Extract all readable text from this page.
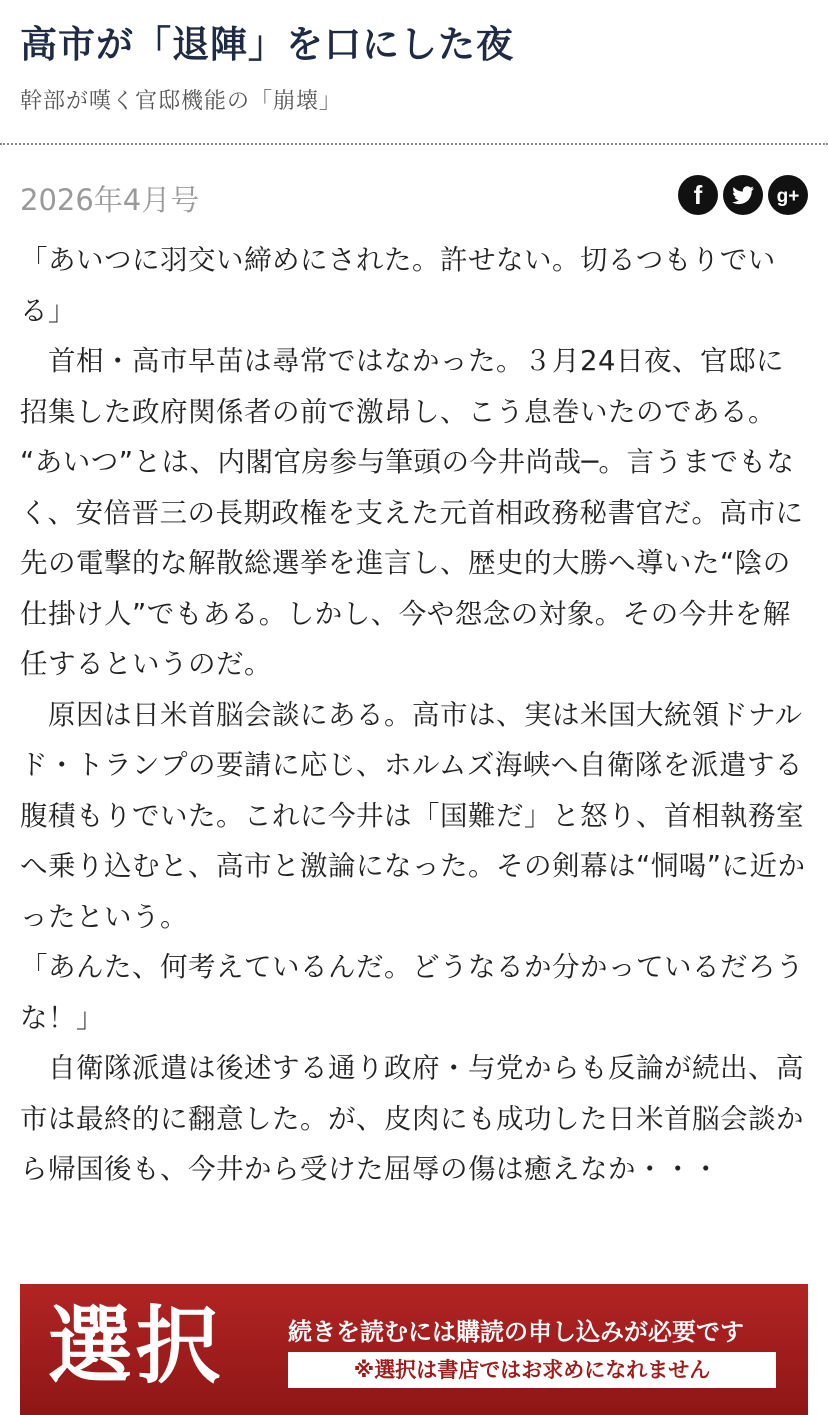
高市が「退陣」を口にした夜
幹部が嘆く官邸機能の「崩壊」
2026年4月号	f	g+

「あいつに羽交い締めにされた。許せない。切るつもりでいる」

　首相・高市早苗は尋常ではなかった。３月24日夜、官邸に招集した政府関係者の前で激昂し、こう息巻いたのである。

“あいつ”とは、内閣官房参与筆頭の今井尚哉─。言うまでもなく、安倍晋三の長期政権を支えた元首相政務秘書官だ。高市に先の電撃的な解散総選挙を進言し、歴史的大勝へ導いた“陰の仕掛け人”でもある。しかし、今や怨念の対象。その今井を解任するというのだ。

　原因は日米首脳会談にある。高市は、実は米国大統領ドナルド・トランプの要請に応じ、ホルムズ海峡へ自衛隊を派遣する腹積もりでいた。これに今井は「国難だ」と怒り、首相執務室へ乗り込むと、高市と激論になった。その剣幕は“恫喝”に近かったという。

「あんた、何考えているんだ。どうなるか分かっているだろうな！」

　自衛隊派遣は後述する通り政府・与党からも反論が続出、高市は最終的に翻意した。が、皮肉にも成功した日米首脳会談から帰国後も、今井から受けた屈辱の傷は癒えなか・・・

選択	続きを読むには購読の申し込みが必要です
※選択は書店ではお求めになれません
